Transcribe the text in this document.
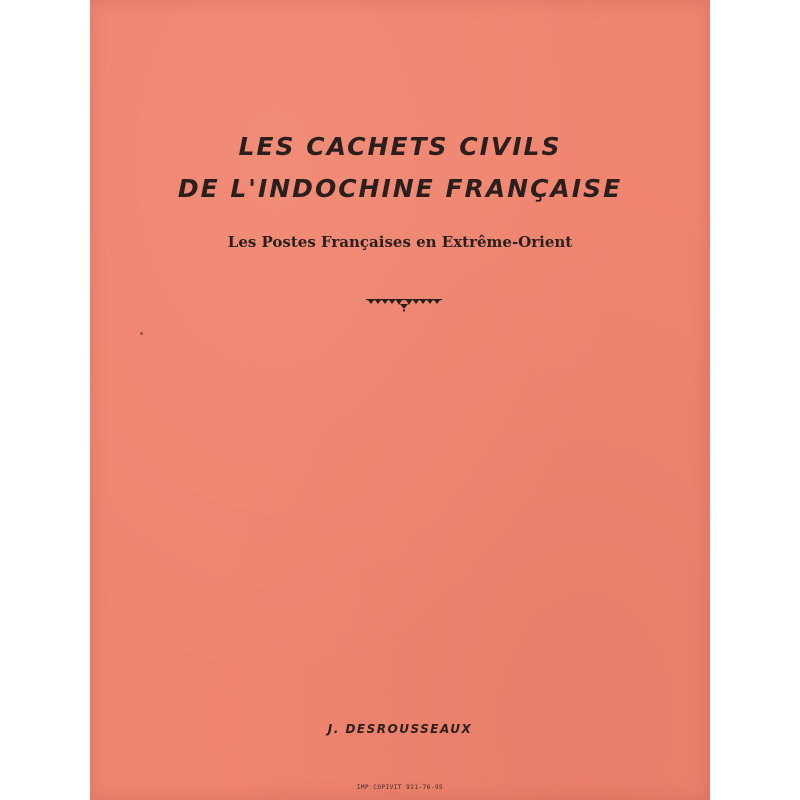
LES CACHETS CIVILS
DE L'INDOCHINE FRANÇAISE
Les Postes Françaises en Extrême-Orient
J. DESROUSSEAUX
IMP COPIVIT 921-76-95
